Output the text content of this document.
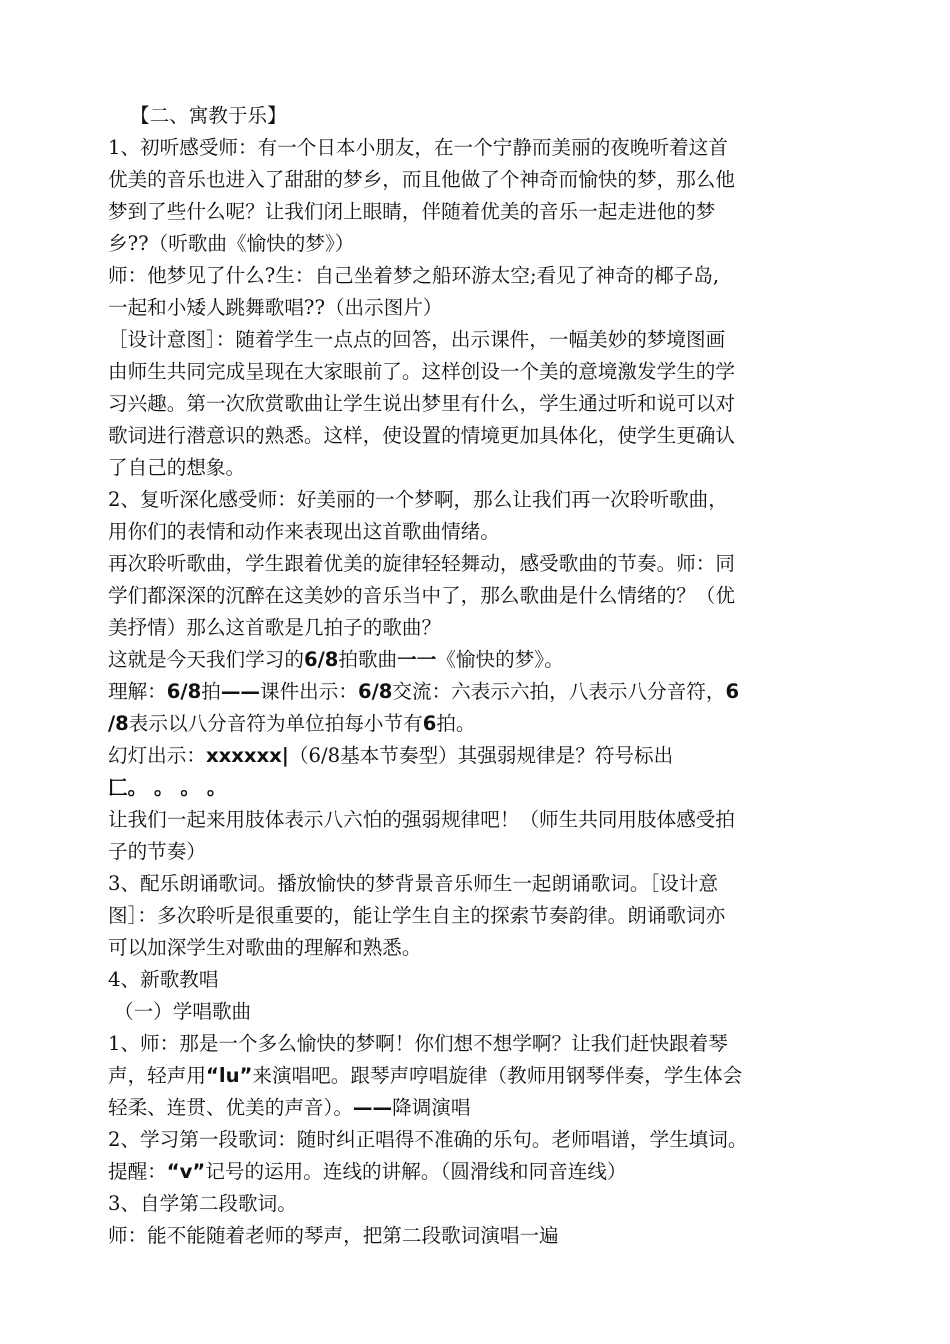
【二、寓教于乐】
1、初听感受师：有一个日本小朋友，在一个宁静而美丽的夜晚听着这首
优美的音乐也进入了甜甜的梦乡，而且他做了个神奇而愉快的梦，那么他
梦到了些什么呢？让我们闭上眼睛，伴随着优美的音乐一起走进他的梦
乡??（听歌曲《愉快的梦》）
师：他梦见了什么?生：自己坐着梦之船环游太空;看见了神奇的椰子岛,
一起和小矮人跳舞歌唱??（出示图片）
［设计意图］：随着学生一点点的回答，出示课件，一幅美妙的梦境图画
由师生共同完成呈现在大家眼前了。这样创设一个美的意境激发学生的学
习兴趣。第一次欣赏歌曲让学生说出梦里有什么，学生通过听和说可以对
歌词进行潜意识的熟悉。这样，使设置的情境更加具体化，使学生更确认
了自己的想象。
2、复听深化感受师：好美丽的一个梦啊，那么让我们再一次聆听歌曲，
用你们的表情和动作来表现出这首歌曲情绪。
再次聆听歌曲，学生跟着优美的旋律轻轻舞动，感受歌曲的节奏。师：同
学们都深深的沉醉在这美妙的音乐当中了，那么歌曲是什么情绪的？（优
美抒情）那么这首歌是几拍子的歌曲？
这就是今天我们学习的6/8拍歌曲一一《愉快的梦》。
理解：6/8拍——课件出示：6/8交流：六表示六拍，八表示八分音符，6
/8表示以八分音符为单位拍每小节有6拍。
幻灯出示：xxxxxx|（6/8基本节奏型）其强弱规律是？符号标出
匚。 。 。 。
让我们一起来用肢体表示八六怕的强弱规律吧！（师生共同用肢体感受拍
子的节奏）
3、配乐朗诵歌词。播放愉快的梦背景音乐师生一起朗诵歌词。［设计意
图］：多次聆听是很重要的，能让学生自主的探索节奏韵律。朗诵歌词亦
可以加深学生对歌曲的理解和熟悉。
4、新歌教唱
（一）学唱歌曲
1、师：那是一个多么愉快的梦啊！你们想不想学啊？让我们赶快跟着琴
声，轻声用“lu”来演唱吧。跟琴声哼唱旋律（教师用钢琴伴奏，学生体会
轻柔、连贯、优美的声音）。——降调演唱
2、学习第一段歌词：随时纠正唱得不准确的乐句。老师唱谱，学生填词。
提醒：“v”记号的运用。连线的讲解。（圆滑线和同音连线）
3、自学第二段歌词。
师：能不能随着老师的琴声，把第二段歌词演唱一遍
